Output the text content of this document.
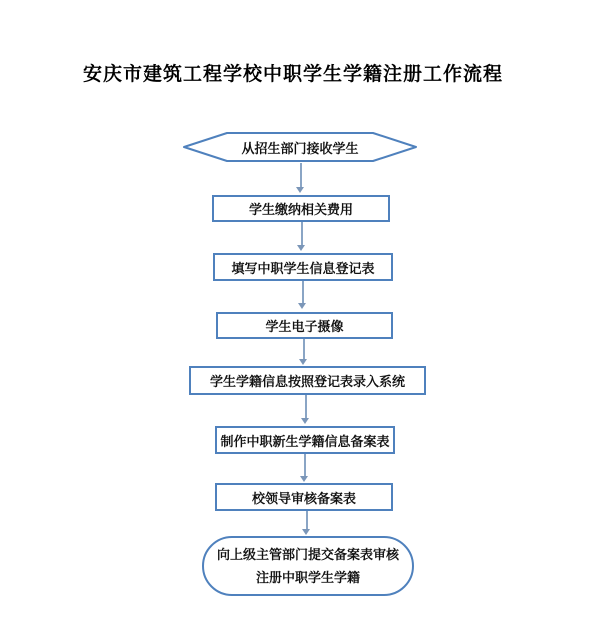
安庆市建筑工程学校中职学生学籍注册工作流程
从招生部门接收学生
学生缴纳相关费用
填写中职学生信息登记表
学生电子摄像
学生学籍信息按照登记表录入系统
制作中职新生学籍信息备案表
校领导审核备案表
向上级主管部门提交备案表审核
注册中职学生学籍
